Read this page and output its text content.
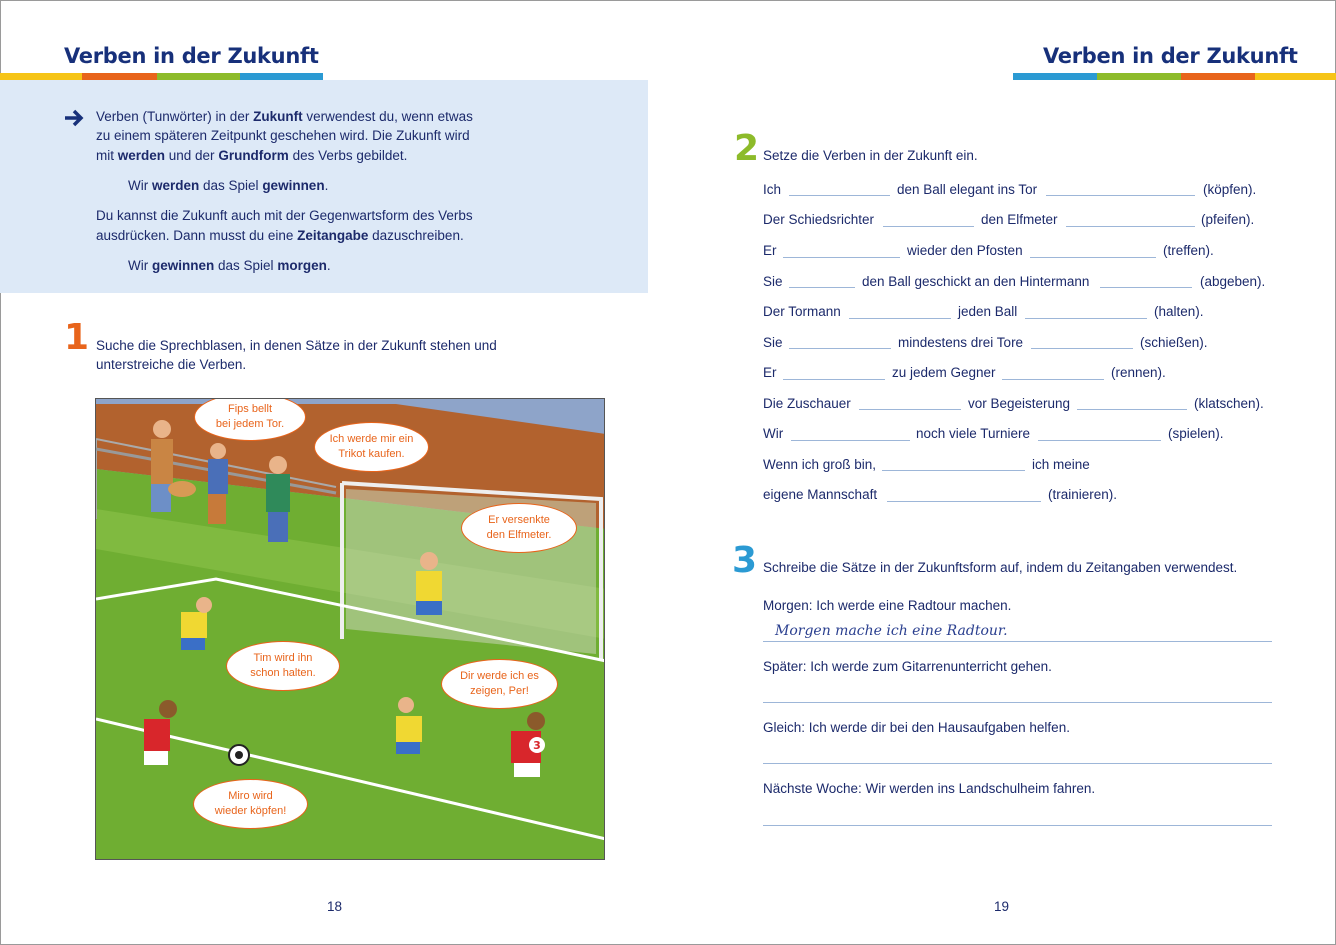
Verben in der Zukunft
Verben (Tunwörter) in der Zukunft verwendest du, wenn etwas
zu einem späteren Zeitpunkt geschehen wird. Die Zukunft wird
mit werden und der Grundform des Verbs gebildet.
Wir werden das Spiel gewinnen.
Du kannst die Zukunft auch mit der Gegenwartsform des Verbs
ausdrücken. Dann musst du eine Zeitangabe dazuschreiben.
Wir gewinnen das Spiel morgen.
1 Suche die Sprechblasen, in denen Sätze in der Zukunft stehen und
unterstreiche die Verben.
3
Fips bellt
bei jedem Tor.
Ich werde mir ein
Trikot kaufen.
Er versenkte
den Elfmeter.
Tim wird ihn
schon halten.	Dir werde ich es
zeigen, Per!
Miro wird
wieder köpfen!
18
Verben in der Zukunft
2 Setze die Verben in der Zukunft ein.
Ich	den Ball elegant ins Tor	(köpfen).
Der Schiedsrichter	den Elfmeter	(pfeifen).
Er	wieder den Pfosten	(treffen).
Sie	den Ball geschickt an den Hintermann	(abgeben).
Der Tormann	jeden Ball	(halten).
Sie	mindestens drei Tore	(schießen).
Er	zu jedem Gegner	(rennen).
Die Zuschauer	vor Begeisterung	(klatschen).
Wir	noch viele Turniere	(spielen).
Wenn ich groß bin,	ich meine
eigene Mannschaft	(trainieren).
3 Schreibe die Sätze in der Zukunftsform auf, indem du Zeitangaben verwendest.
Morgen: Ich werde eine Radtour machen.
Morgen mache ich eine Radtour.
Später: Ich werde zum Gitarrenunterricht gehen.
Gleich: Ich werde dir bei den Hausaufgaben helfen.
Nächste Woche: Wir werden ins Landschulheim fahren.
19
